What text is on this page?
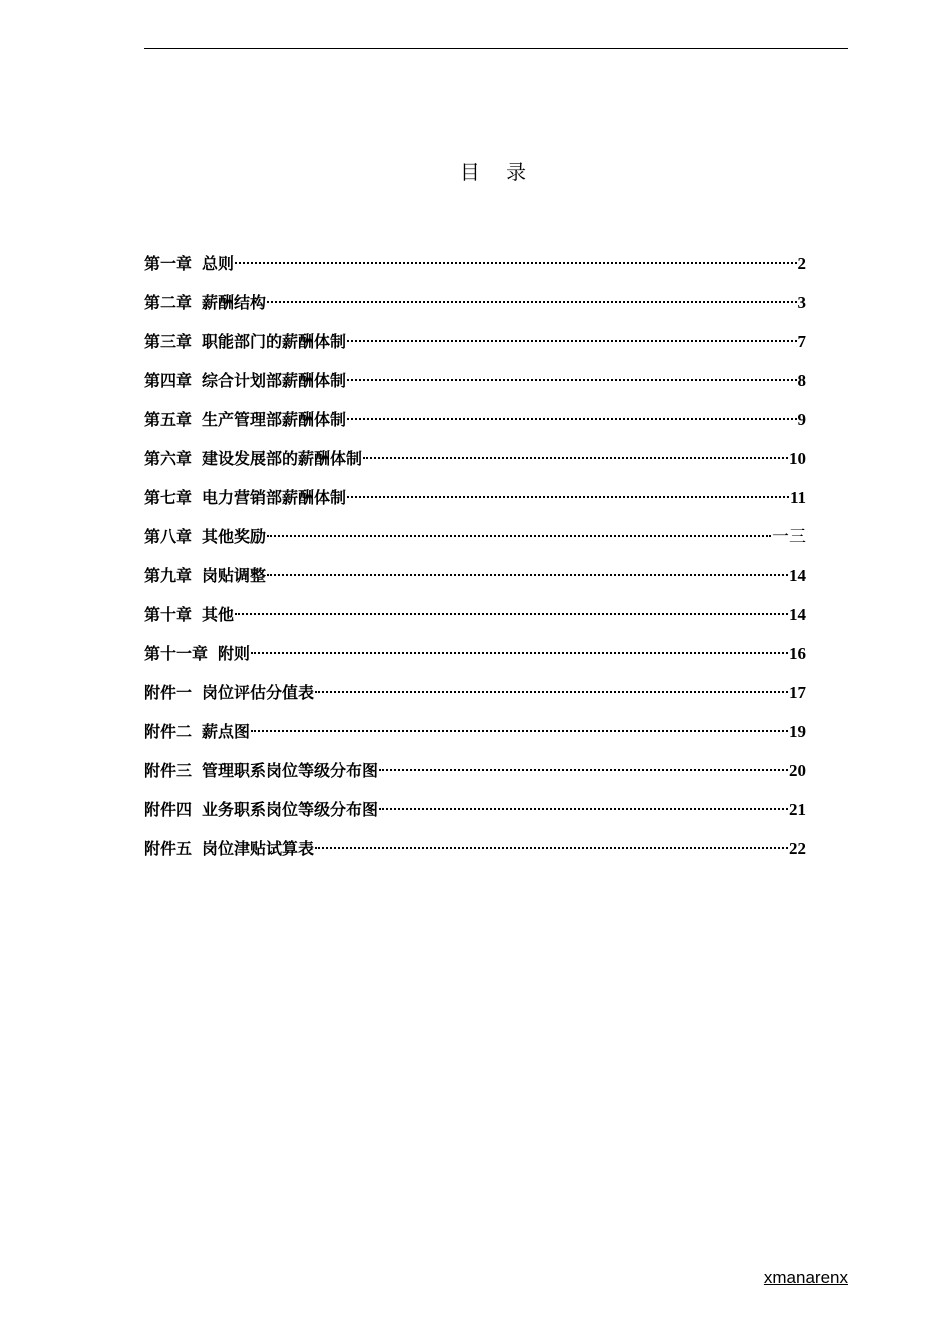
目 录
第一章 总则	2
第二章 薪酬结构	3
第三章 职能部门的薪酬体制	7
第四章 综合计划部薪酬体制	8
第五章 生产管理部薪酬体制	9
第六章 建设发展部的薪酬体制	10
第七章 电力营销部薪酬体制	11
第八章 其他奖励	一三
第九章 岗贴调整	14
第十章 其他	14
第十一章 附则	16
附件一 岗位评估分值表	17
附件二 薪点图	19
附件三 管理职系岗位等级分布图	20
附件四 业务职系岗位等级分布图	21
附件五 岗位津贴试算表	22
xmanarenx
